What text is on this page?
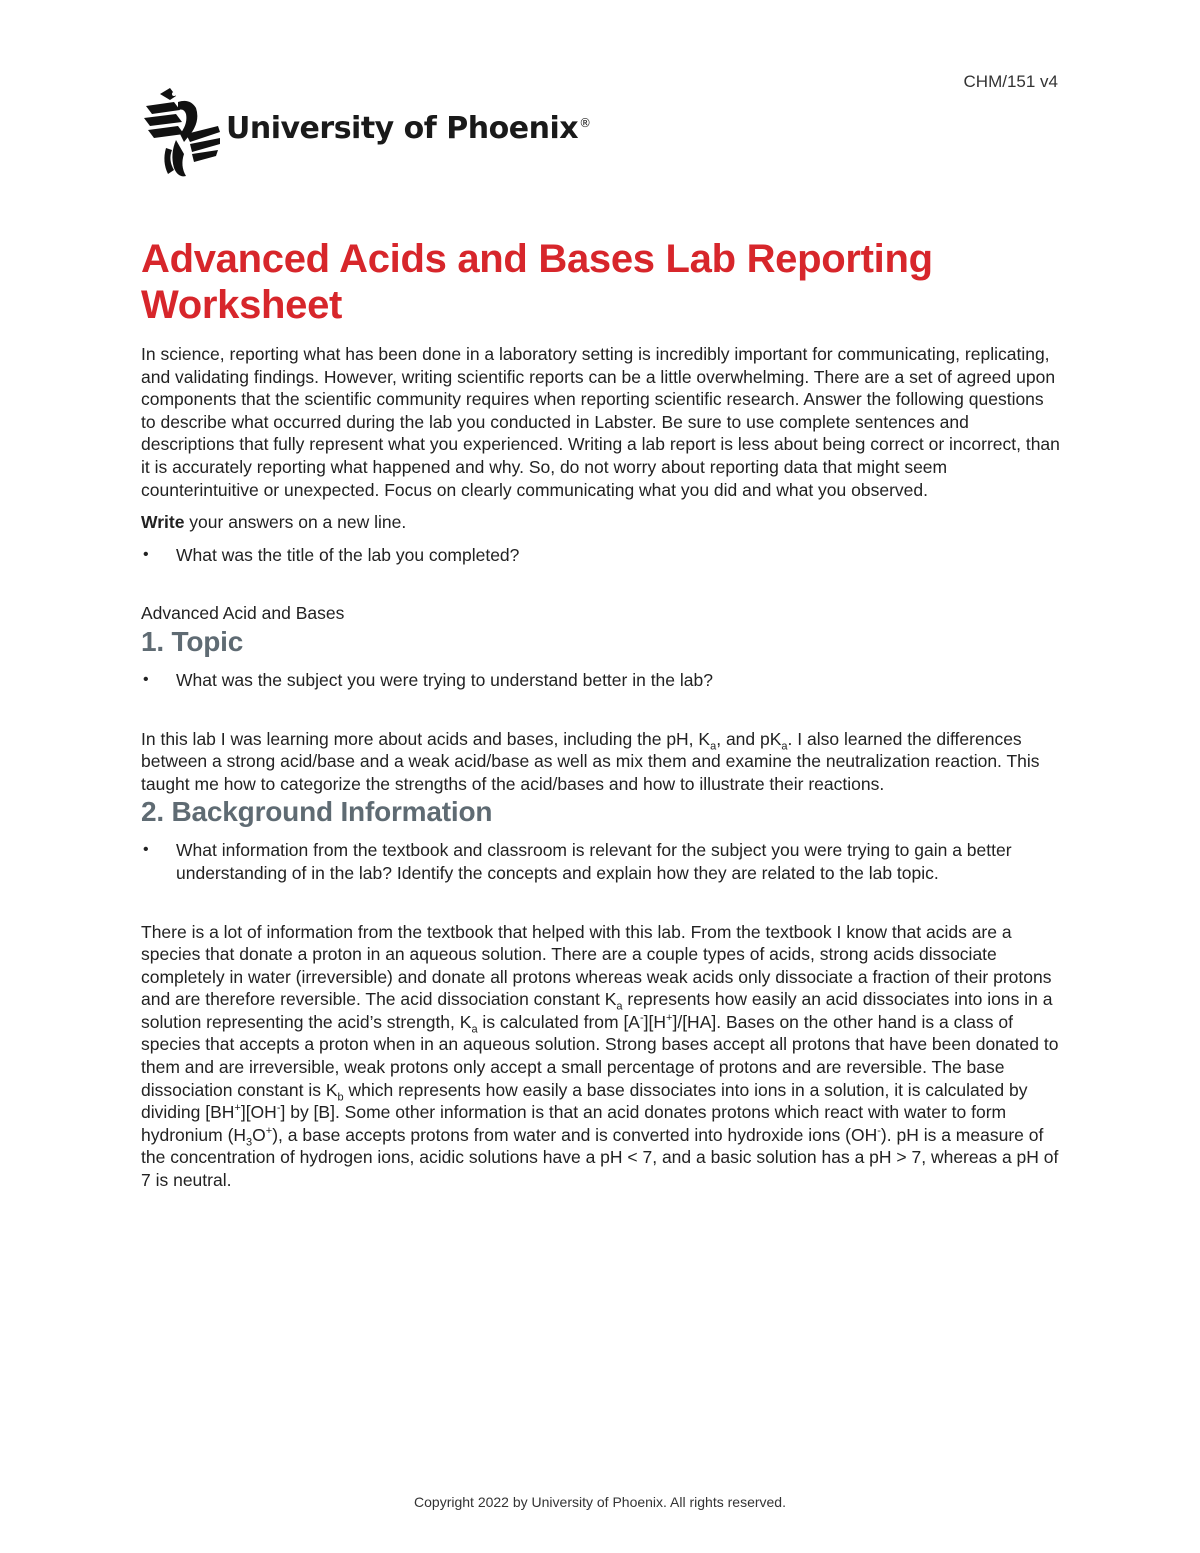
CHM/151 v4
University of Phoenix®
Advanced Acids and Bases Lab Reporting Worksheet

In science, reporting what has been done in a laboratory setting is incredibly important for communicating, replicating, and validating findings. However, writing scientific reports can be a little overwhelming. There are a set of agreed upon components that the scientific community requires when reporting scientific research. Answer the following questions to describe what occurred during the lab you conducted in Labster. Be sure to use complete sentences and descriptions that fully represent what you experienced. Writing a lab report is less about being correct or incorrect, than it is accurately reporting what happened and why. So, do not worry about reporting data that might seem counterintuitive or unexpected. Focus on clearly communicating what you did and what you observed.

Write your answers on a new line.

• What was the title of the lab you completed?

Advanced Acid and Bases

1. Topic
• What was the subject you were trying to understand better in the lab?

In this lab I was learning more about acids and bases, including the pH, $K_a$, and $pK_a$. I also learned the differences between a strong acid/base and a weak acid/base as well as mix them and examine the neutralization reaction. This taught me how to categorize the strengths of the acid/bases and how to illustrate their reactions.

2. Background Information
• What information from the textbook and classroom is relevant for the subject you were trying to gain a better understanding of in the lab? Identify the concepts and explain how they are related to the lab topic.

There is a lot of information from the textbook that helped with this lab. From the textbook I know that acids are a species that donate a proton in an aqueous solution. There are a couple types of acids, strong acids dissociate completely in water (irreversible) and donate all protons whereas weak acids only dissociate a fraction of their protons and are therefore reversible. The acid dissociation constant $K_a$ represents how easily an acid dissociates into ions in a solution representing the acid’s strength, $K_a$ is calculated from [A-][H+]/[HA]. Bases on the other hand is a class of species that accepts a proton when in an aqueous solution. Strong bases accept all protons that have been donated to them and are irreversible, weak protons only accept a small percentage of protons and are reversible. The base dissociation constant is $K_b$ which represents how easily a base dissociates into ions in a solution, it is calculated by dividing [BH+][OH-] by [B]. Some other information is that an acid donates protons which react with water to form hydronium $(H_3O^+)$, a base accepts protons from water and is converted into hydroxide ions (OH-). pH is a measure of the concentration of hydrogen ions, acidic solutions have a pH < 7, and a basic solution has a pH > 7, whereas a pH of 7 is neutral.

Copyright 2022 by University of Phoenix. All rights reserved.
